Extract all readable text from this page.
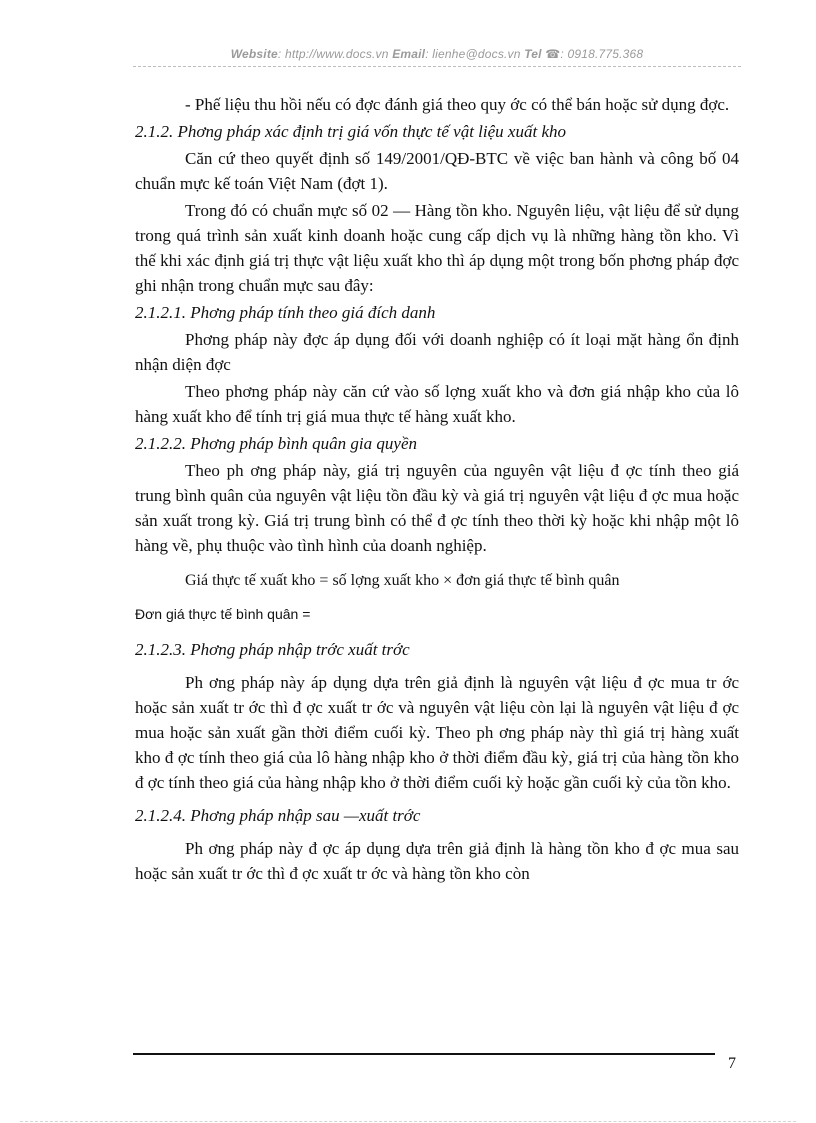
Website: http://www.docs.vn Email: lienhe@docs.vn Tel ☎: 0918.775.368

- Phế liệu thu hồi nếu có đợc đánh giá theo quy ớc có thể bán hoặc sử dụng đợc.

2.1.2. Phơng pháp xác định trị giá vốn thực tế vật liệu xuất kho

Căn cứ theo quyết định số 149/2001/QĐ-BTC về việc ban hành và công bố 04 chuẩn mực kế toán Việt Nam (đợt 1).

Trong đó có chuẩn mực số 02 — Hàng tồn kho. Nguyên liệu, vật liệu để sử dụng trong quá trình sản xuất kinh doanh hoặc cung cấp dịch vụ là những hàng tồn kho. Vì thế khi xác định giá trị thực vật liệu xuất kho thì áp dụng một trong bốn phơng pháp đợc ghi nhận trong chuẩn mực sau đây:

2.1.2.1. Phơng pháp tính theo giá đích danh

Phơng pháp này đợc áp dụng đối với doanh nghiệp có ít loại mặt hàng ổn định nhận diện đợc

Theo phơng pháp này căn cứ vào số lợng xuất kho và đơn giá nhập kho của lô hàng xuất kho để tính trị giá mua thực tế hàng xuất kho.

2.1.2.2. Phơng pháp bình quân gia quyền

Theo ph ơng pháp này, giá trị nguyên của nguyên vật liệu đ ợc tính theo giá trung bình quân của nguyên vật liệu tồn đầu kỳ và giá trị nguyên vật liệu đ ợc mua hoặc sản xuất trong kỳ. Giá trị trung bình có thể đ ợc tính theo thời kỳ hoặc khi nhập một lô hàng về, phụ thuộc vào tình hình của doanh nghiệp.

Giá thực tế xuất kho = số lợng xuất kho × đơn giá thực tế bình quân

Đơn giá thực tế bình quân =

2.1.2.3. Phơng pháp nhập trớc xuất trớc

Ph ơng pháp này áp dụng dựa trên giả định là nguyên vật liệu đ ợc mua tr ớc hoặc sản xuất tr ớc thì đ ợc xuất tr ớc và nguyên vật liệu còn lại là nguyên vật liệu đ ợc mua hoặc sản xuất gần thời điểm cuối kỳ. Theo ph ơng pháp này thì giá trị hàng xuất kho đ ợc tính theo giá của lô hàng nhập kho ở thời điểm đầu kỳ, giá trị của hàng tồn kho đ ợc tính theo giá của hàng nhập kho ở thời điểm cuối kỳ hoặc gần cuối kỳ của tồn kho.

2.1.2.4. Phơng pháp nhập sau —xuất trớc

Ph ơng pháp này đ ợc áp dụng dựa trên giả định là hàng tồn kho đ ợc mua sau hoặc sản xuất tr ớc thì đ ợc xuất tr ớc và hàng tồn kho còn

7
